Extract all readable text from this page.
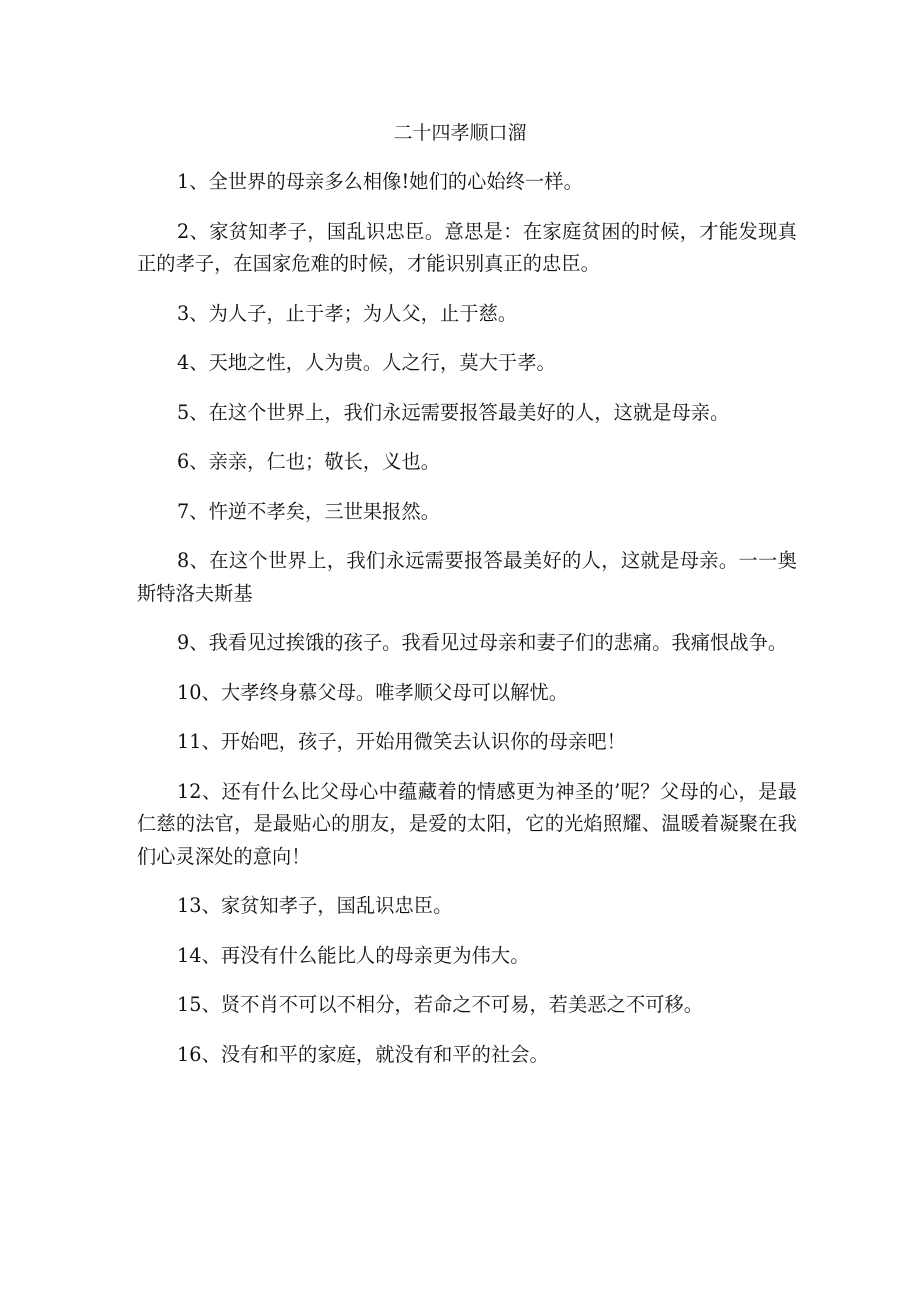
二十四孝顺口溜

1、全世界的母亲多么相像!她们的心始终一样。

2、家贫知孝子，国乱识忠臣。意思是：在家庭贫困的时候，才能发现真正的孝子，在国家危难的时候，才能识别真正的忠臣。

3、为人子，止于孝；为人父，止于慈。

4、天地之性，人为贵。人之行，莫大于孝。

5、在这个世界上，我们永远需要报答最美好的人，这就是母亲。

6、亲亲，仁也；敬长，义也。

7、忤逆不孝矣，三世果报然。

8、在这个世界上，我们永远需要报答最美好的人，这就是母亲。一一奥斯特洛夫斯基

9、我看见过挨饿的孩子。我看见过母亲和妻子们的悲痛。我痛恨战争。

10、大孝终身慕父母。唯孝顺父母可以解忧。

11、开始吧，孩子，开始用微笑去认识你的母亲吧！

12、还有什么比父母心中蕴藏着的情感更为神圣的’呢？父母的心，是最仁慈的法官，是最贴心的朋友，是爱的太阳，它的光焰照耀、温暖着凝聚在我们心灵深处的意向！

13、家贫知孝子，国乱识忠臣。

14、再没有什么能比人的母亲更为伟大。

15、贤不肖不可以不相分，若命之不可易，若美恶之不可移。

16、没有和平的家庭，就没有和平的社会。
